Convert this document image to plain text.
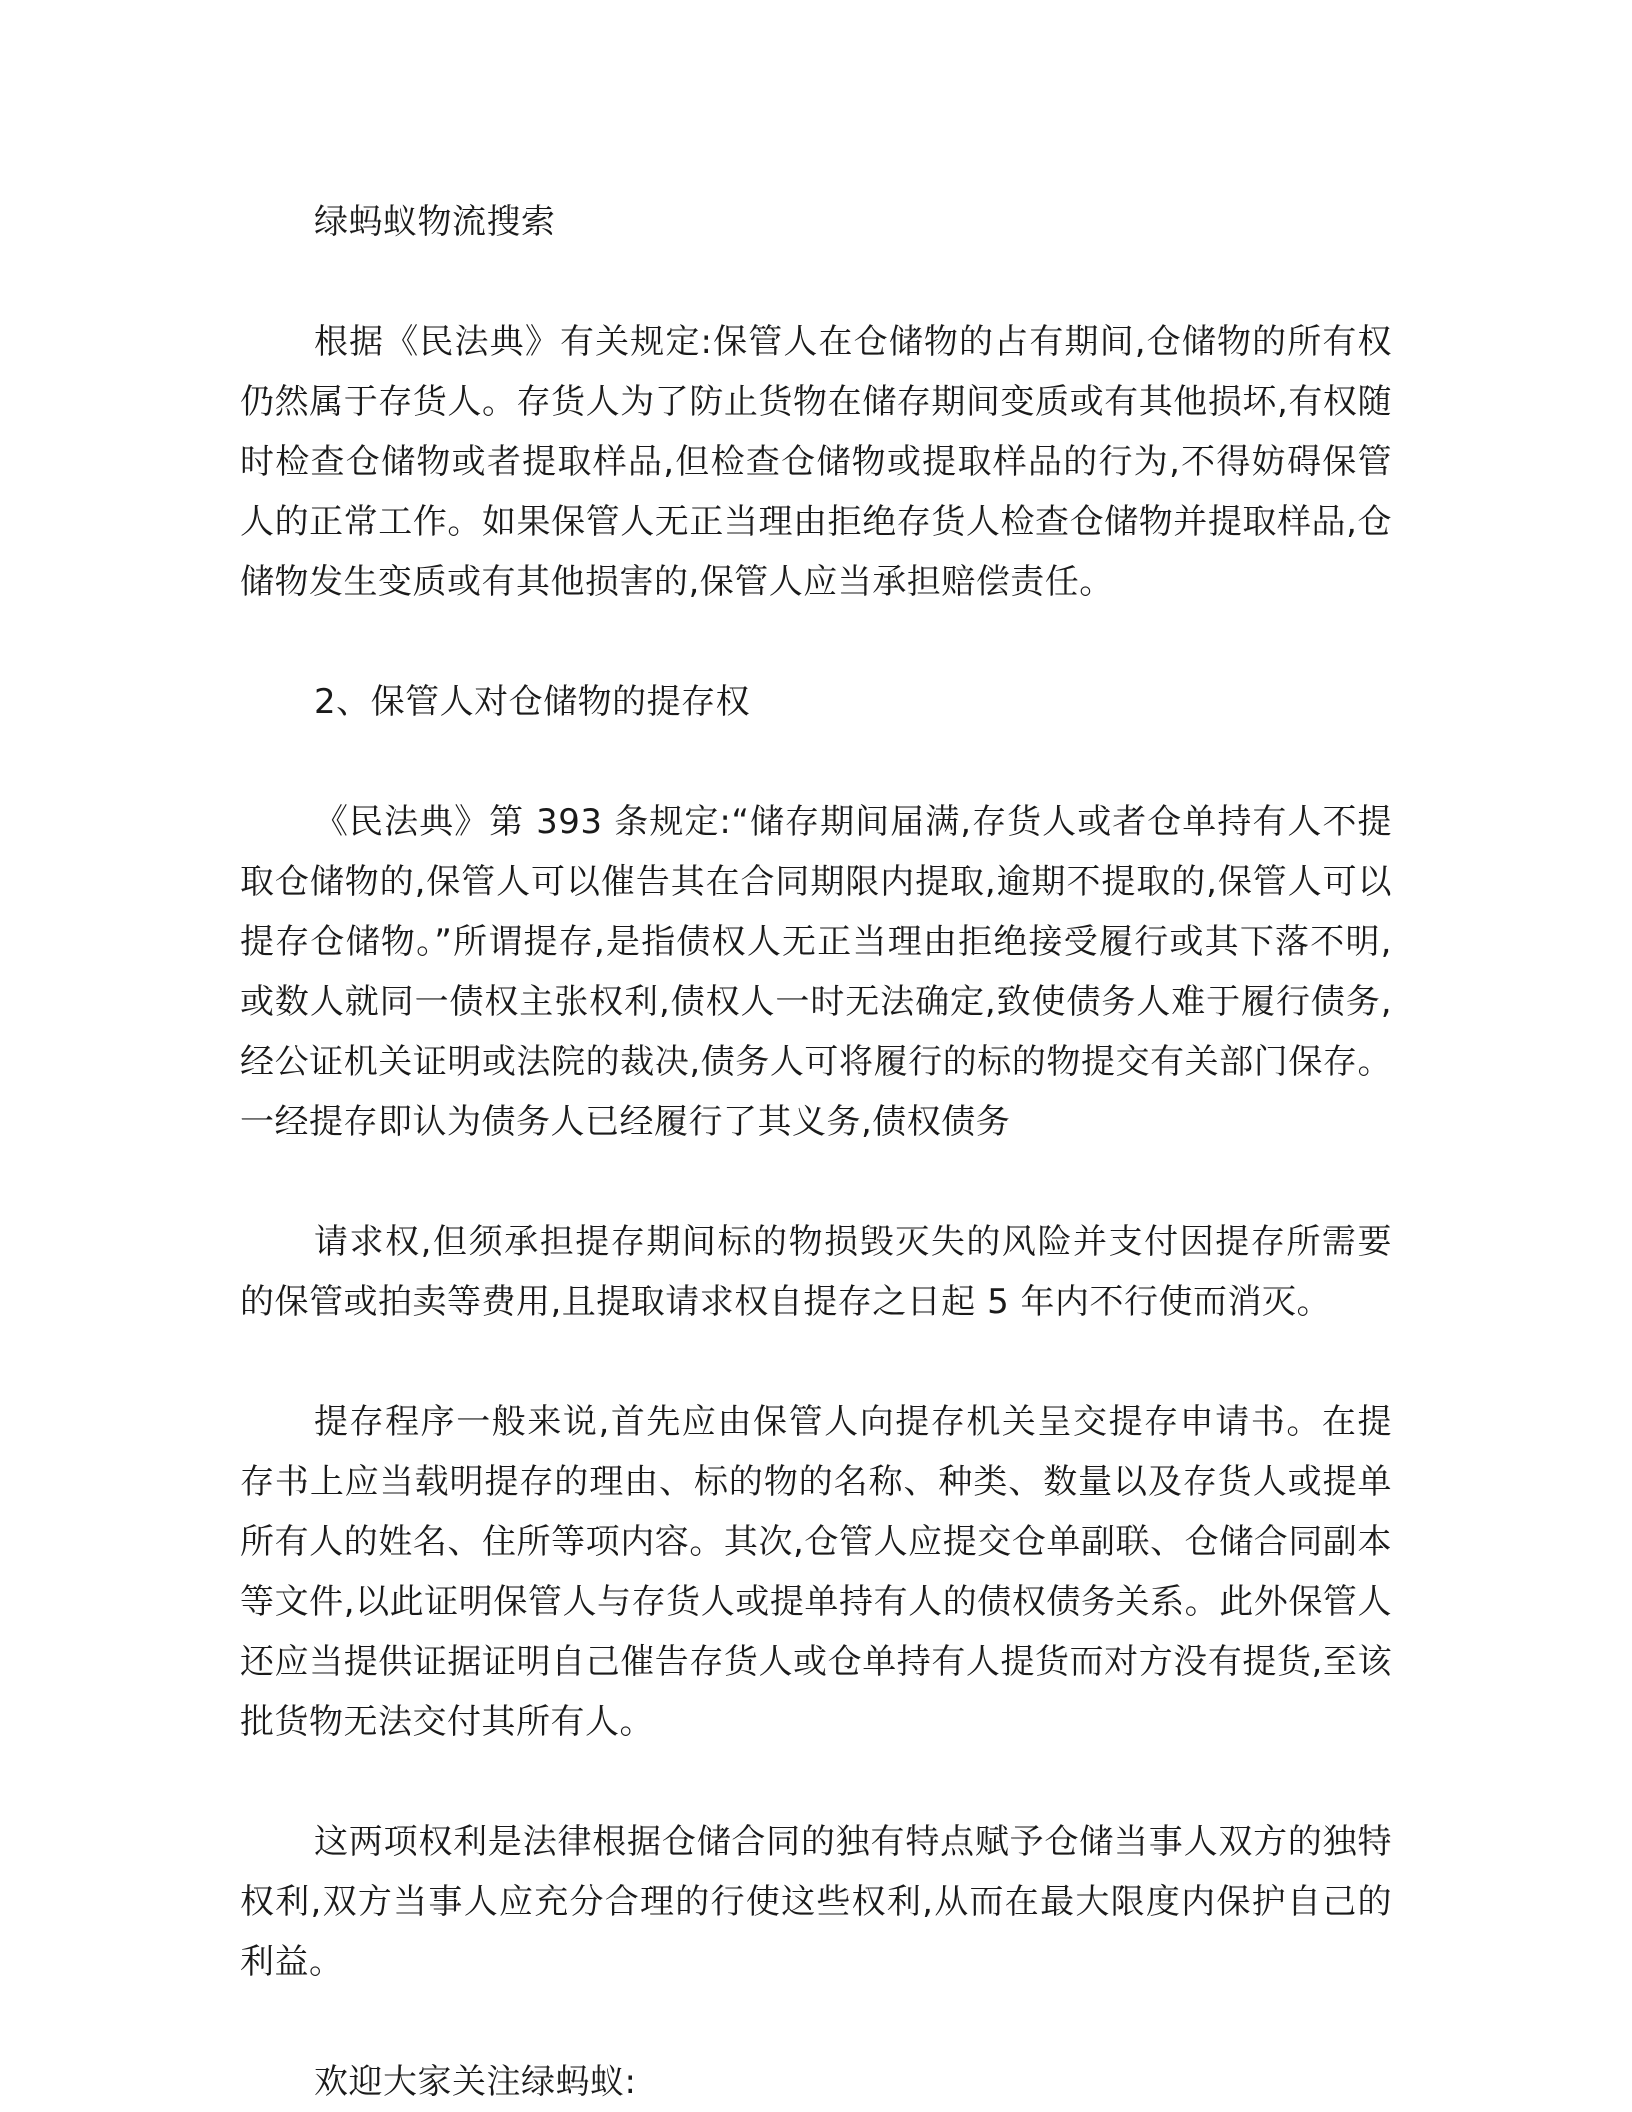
绿蚂蚁物流搜索

根据《民法典》有关规定:保管人在仓储物的占有期间,仓储物的所有权仍然属于存货人。存货人为了防止货物在储存期间变质或有其他损坏,有权随时检查仓储物或者提取样品,但检查仓储物或提取样品的行为,不得妨碍保管人的正常工作。如果保管人无正当理由拒绝存货人检查仓储物并提取样品,仓储物发生变质或有其他损害的,保管人应当承担赔偿责任。

2、保管人对仓储物的提存权

《民法典》第 393 条规定:“储存期间届满,存货人或者仓单持有人不提取仓储物的,保管人可以催告其在合同期限内提取,逾期不提取的,保管人可以提存仓储物。”所谓提存,是指债权人无正当理由拒绝接受履行或其下落不明,或数人就同一债权主张权利,债权人一时无法确定,致使债务人难于履行债务,经公证机关证明或法院的裁决,债务人可将履行的标的物提交有关部门保存。一经提存即认为债务人已经履行了其义务,债权债务

请求权,但须承担提存期间标的物损毁灭失的风险并支付因提存所需要的保管或拍卖等费用,且提取请求权自提存之日起 5 年内不行使而消灭。

提存程序一般来说,首先应由保管人向提存机关呈交提存申请书。在提存书上应当载明提存的理由、标的物的名称、种类、数量以及存货人或提单所有人的姓名、住所等项内容。其次,仓管人应提交仓单副联、仓储合同副本等文件,以此证明保管人与存货人或提单持有人的债权债务关系。此外保管人还应当提供证据证明自己催告存货人或仓单持有人提货而对方没有提货,至该批货物无法交付其所有人。

这两项权利是法律根据仓储合同的独有特点赋予仓储当事人双方的独特权利,双方当事人应充分合理的行使这些权利,从而在最大限度内保护自己的利益。

欢迎大家关注绿蚂蚁:
